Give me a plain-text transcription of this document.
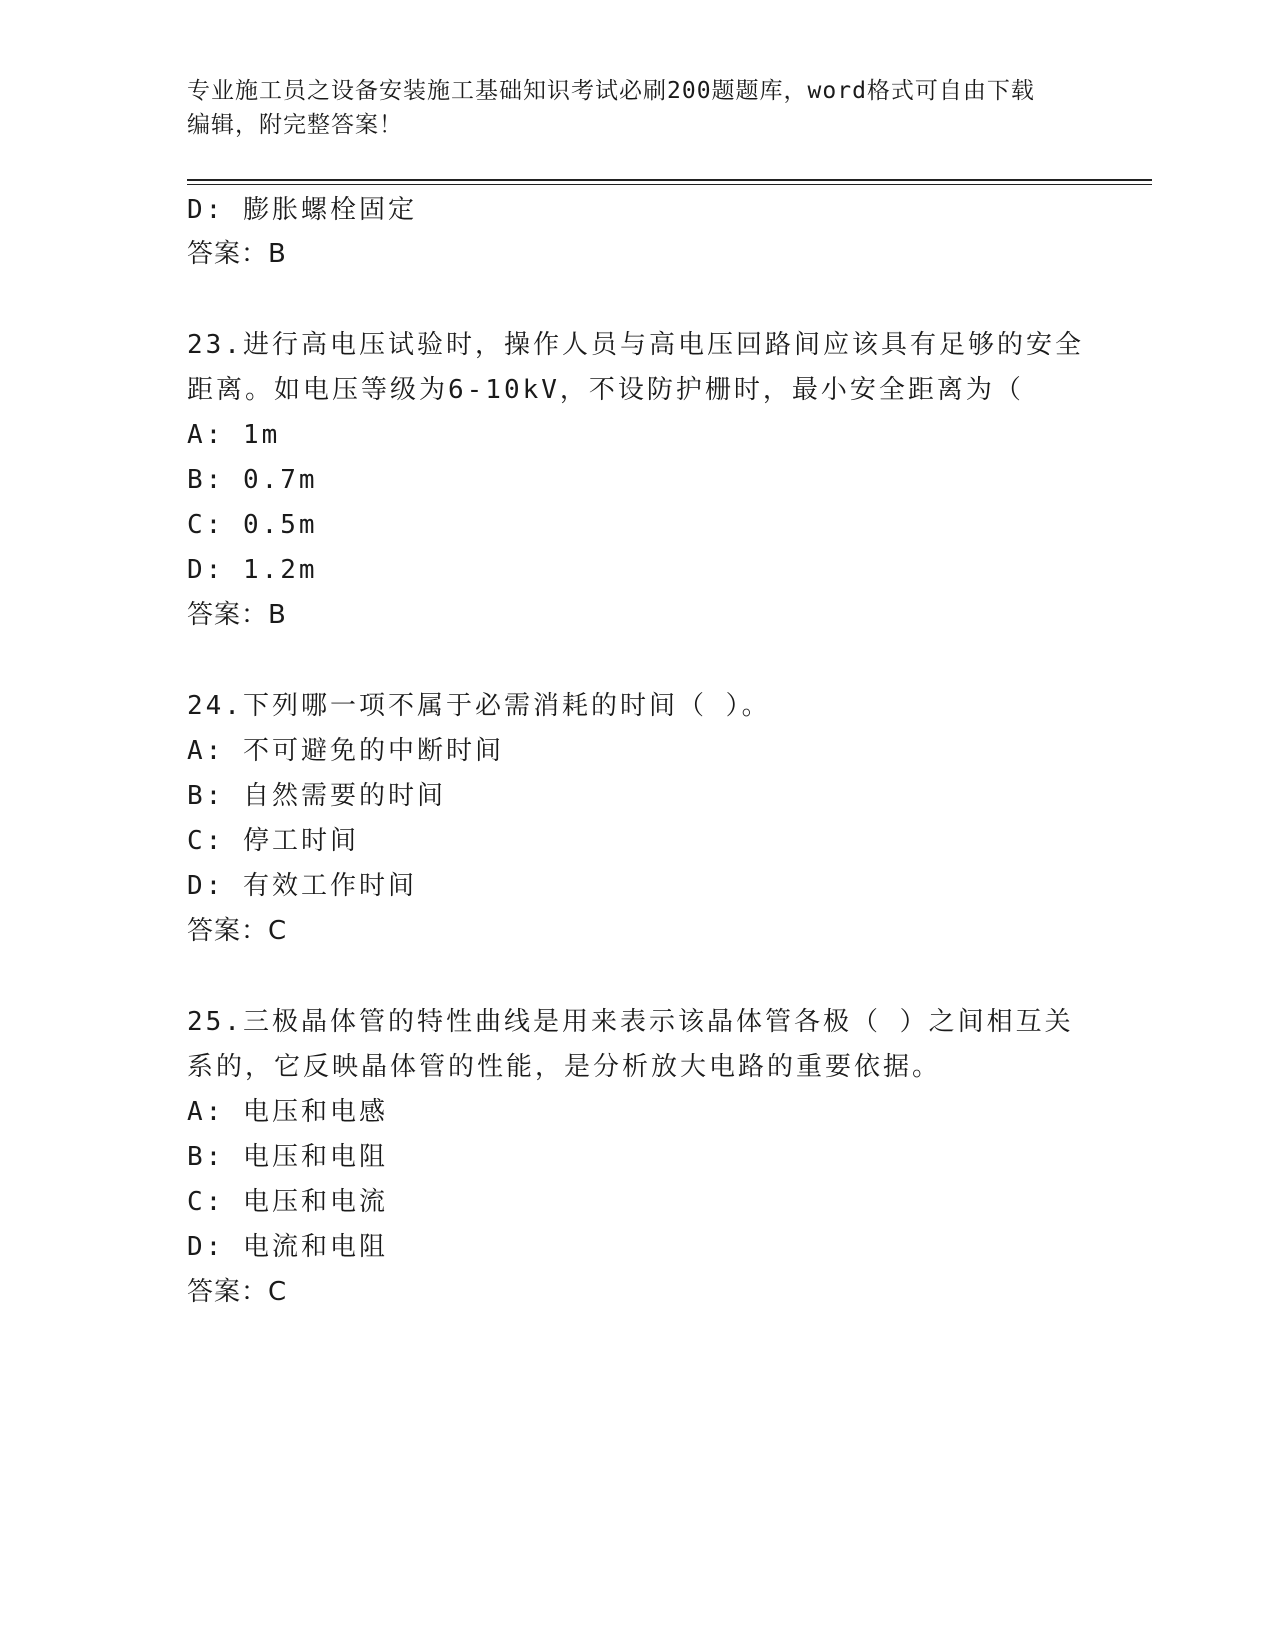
专业施工员之设备安装施工基础知识考试必刷200题题库，word格式可自由下载
编辑，附完整答案！
D: 膨胀螺栓固定
答案：B
23.进行高电压试验时，操作人员与高电压回路间应该具有足够的安全
距离。如电压等级为6-10kV，不设防护栅时，最小安全距离为（
A: 1m
B: 0.7m
C: 0.5m
D: 1.2m
答案：B
24.下列哪一项不属于必需消耗的时间（ ）。
A: 不可避免的中断时间
B: 自然需要的时间
C: 停工时间
D: 有效工作时间
答案：C
25.三极晶体管的特性曲线是用来表示该晶体管各极（ ）之间相互关
系的，它反映晶体管的性能，是分析放大电路的重要依据。
A: 电压和电感
B: 电压和电阻
C: 电压和电流
D: 电流和电阻
答案：C
